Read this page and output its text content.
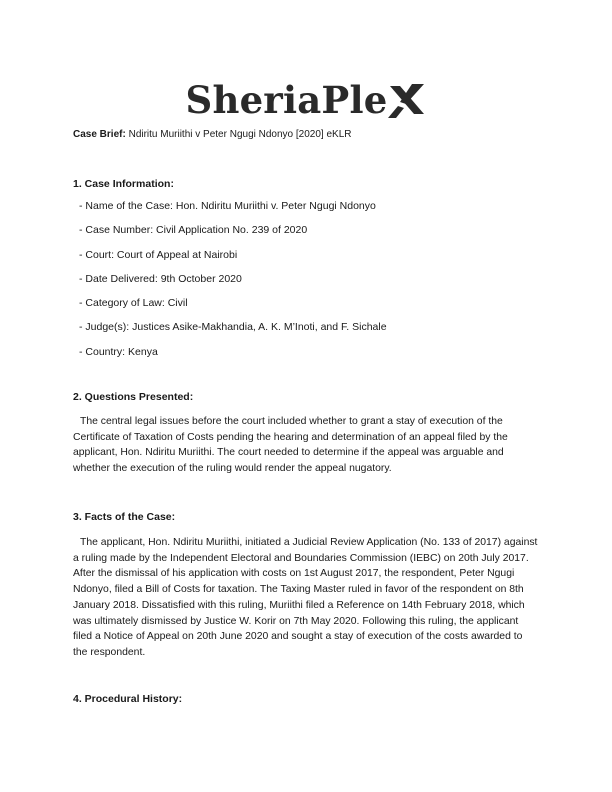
SheriaPle
Case Brief: Ndiritu Muriithi v Peter Ngugi Ndonyo [2020] eKLR
1. Case Information:
- Name of the Case: Hon. Ndiritu Muriithi v. Peter Ngugi Ndonyo
- Case Number: Civil Application No. 239 of 2020
- Court: Court of Appeal at Nairobi
- Date Delivered: 9th October 2020
- Category of Law: Civil
- Judge(s): Justices Asike-Makhandia, A. K. M’Inoti, and F. Sichale
- Country: Kenya
2. Questions Presented:

The central legal issues before the court included whether to grant a stay of execution of the Certificate of Taxation of Costs pending the hearing and determination of an appeal filed by the applicant, Hon. Ndiritu Muriithi. The court needed to determine if the appeal was arguable and whether the execution of the ruling would render the appeal nugatory.

3. Facts of the Case:

The applicant, Hon. Ndiritu Muriithi, initiated a Judicial Review Application (No. 133 of 2017) against a ruling made by the Independent Electoral and Boundaries Commission (IEBC) on 20th July 2017. After the dismissal of his application with costs on 1st August 2017, the respondent, Peter Ngugi Ndonyo, filed a Bill of Costs for taxation. The Taxing Master ruled in favor of the respondent on 8th January 2018. Dissatisfied with this ruling, Muriithi filed a Reference on 14th February 2018, which was ultimately dismissed by Justice W. Korir on 7th May 2020. Following this ruling, the applicant filed a Notice of Appeal on 20th June 2020 and sought a stay of execution of the costs awarded to the respondent.

4. Procedural History:
